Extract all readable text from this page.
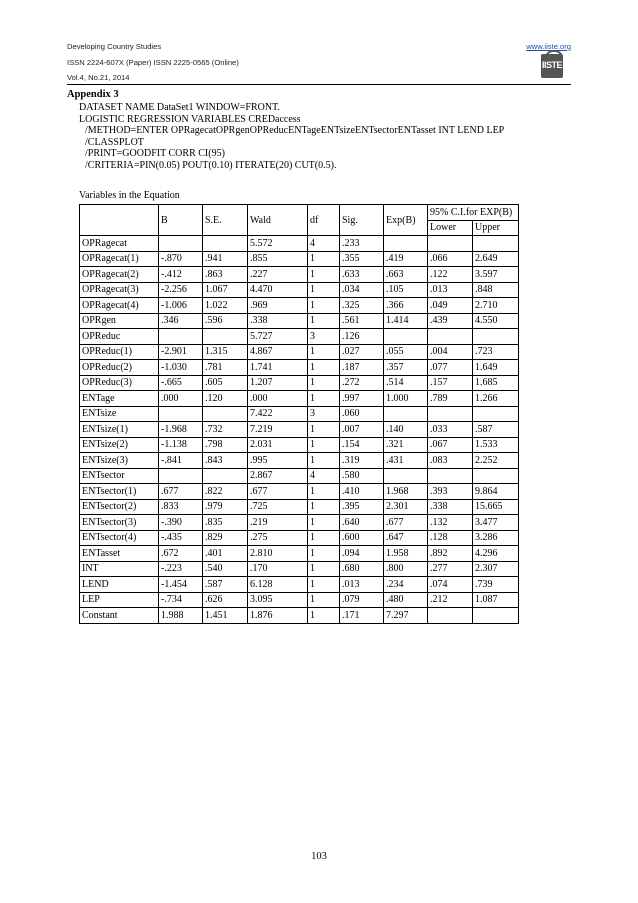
Developing Country Studies	www.iiste.org
ISSN 2224-607X (Paper) ISSN 2225-0565 (Online)
Vol.4, No.21, 2014
IISTE
Appendix 3
DATASET NAME DataSet1 WINDOW=FRONT.
LOGISTIC REGRESSION VARIABLES CREDaccess
/METHOD=ENTER OPRagecatOPRgenOPReducENTageENTsizeENTsectorENTasset INT LEND LEP
/CLASSPLOT
/PRINT=GOODFIT CORR CI(95)
/CRITERIA=PIN(0.05) POUT(0.10) ITERATE(20) CUT(0.5).
Variables in the Equation
	B	S.E.	Wald	df	Sig.	Exp(B)	95% C.I.for EXP(B)	
							Lower	Upper
OPRagecat			5.572	4	.233			
OPRagecat(1)	-.870	.941	.855	1	.355	.419	.066	2.649
OPRagecat(2)	-.412	.863	.227	1	.633	.663	.122	3.597
OPRagecat(3)	-2.256	1.067	4.470	1	.034	.105	.013	.848
OPRagecat(4)	-1.006	1.022	.969	1	.325	.366	.049	2.710
OPRgen	.346	.596	.338	1	.561	1.414	.439	4.550
OPReduc			5.727	3	.126			
OPReduc(1)	-2.901	1.315	4.867	1	.027	.055	.004	.723
OPReduc(2)	-1.030	.781	1.741	1	.187	.357	.077	1.649
OPReduc(3)	-.665	.605	1.207	1	.272	.514	.157	1.685
ENTage	.000	.120	.000	1	.997	1.000	.789	1.266
ENTsize			7.422	3	.060			
ENTsize(1)	-1.968	.732	7.219	1	.007	.140	.033	.587
ENTsize(2)	-1.138	.798	2.031	1	.154	.321	.067	1.533
ENTsize(3)	-.841	.843	.995	1	.319	.431	.083	2.252
ENTsector			2.867	4	.580			
ENTsector(1)	.677	.822	.677	1	.410	1.968	.393	9.864
ENTsector(2)	.833	.979	.725	1	.395	2.301	.338	15.665
ENTsector(3)	-.390	.835	.219	1	.640	.677	.132	3.477
ENTsector(4)	-.435	.829	.275	1	.600	.647	.128	3.286
ENTasset	.672	.401	2.810	1	.094	1.958	.892	4.296
INT	-.223	.540	.170	1	.680	.800	.277	2.307
LEND	-1.454	.587	6.128	1	.013	.234	.074	.739
LEP	-.734	.626	3.095	1	.079	.480	.212	1.087
Constant	1.988	1.451	1.876	1	.171	7.297		
103
